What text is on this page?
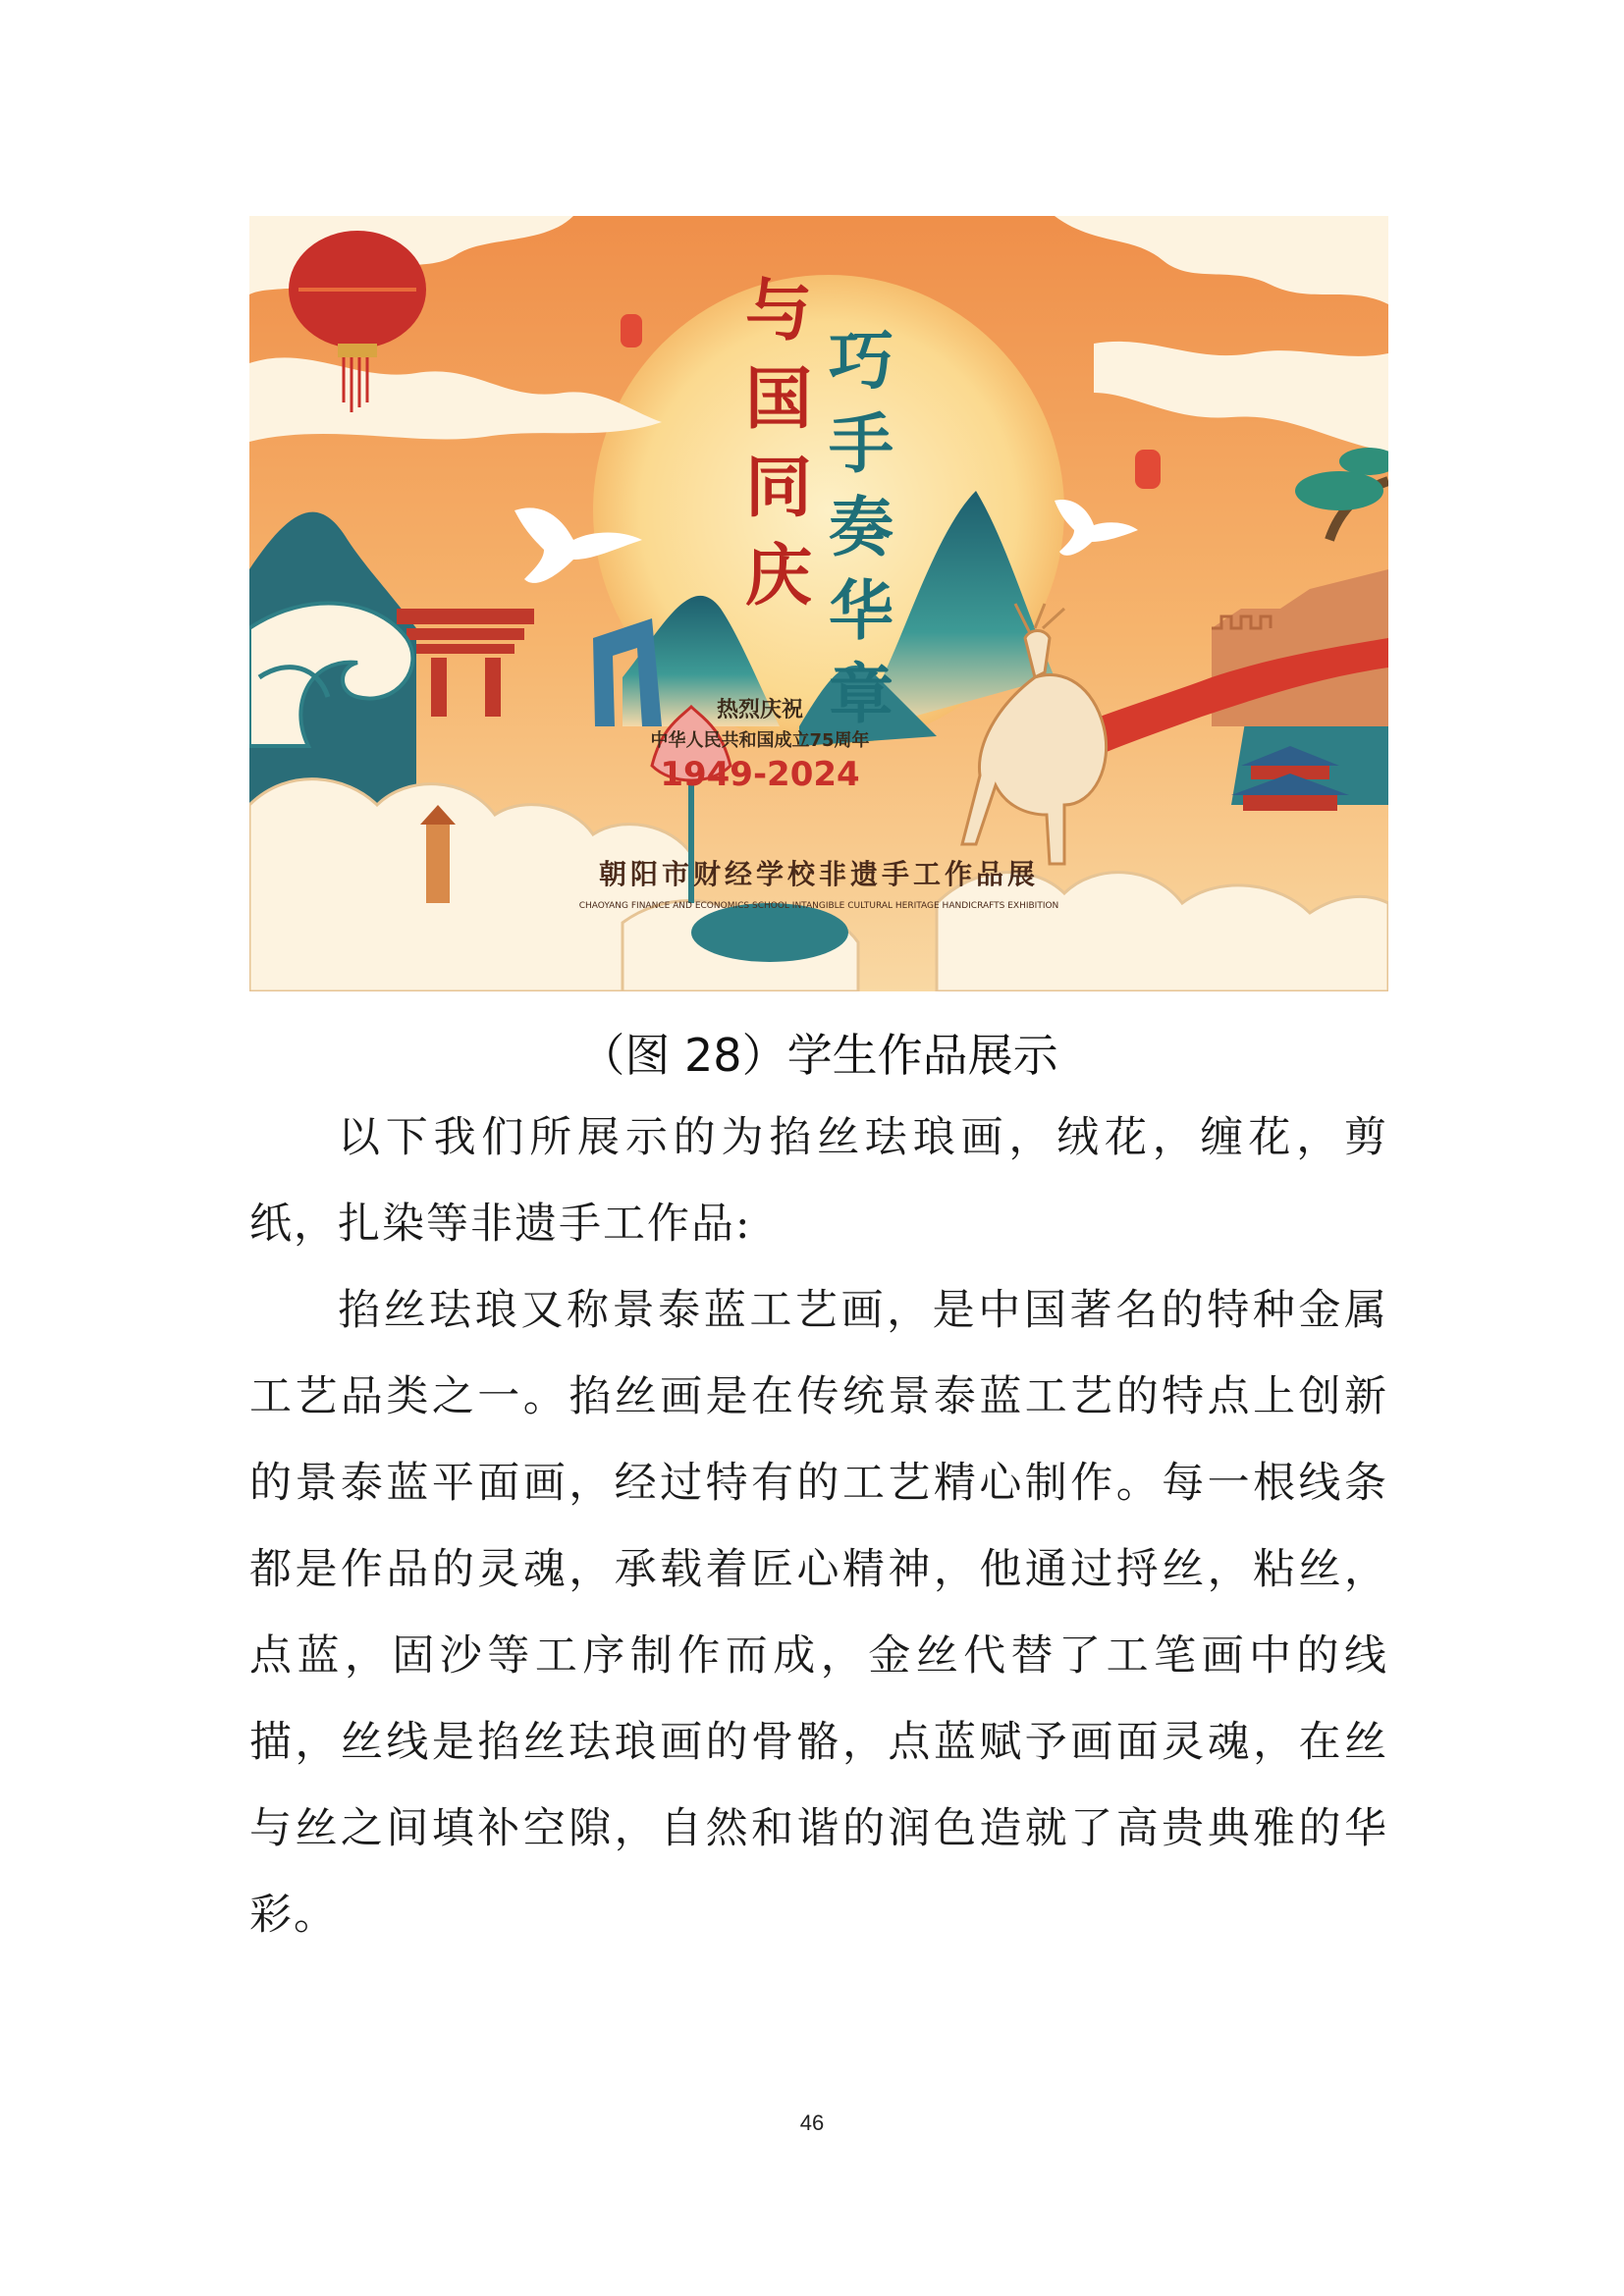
与
国
同
庆
巧
手
奏
华
章
热烈庆祝
中华人民共和国成立75周年
1949-2024
朝阳市财经学校非遗手工作品展
CHAOYANG FINANCE AND ECONOMICS SCHOOL INTANGIBLE CULTURAL HERITAGE HANDICRAFTS EXHIBITION
（图 28）学生作品展示

以下我们所展示的为掐丝珐琅画，绒花，缠花，剪纸，扎染等非遗手工作品:

掐丝珐琅又称景泰蓝工艺画，是中国著名的特种金属工艺品类之一。掐丝画是在传统景泰蓝工艺的特点上创新的景泰蓝平面画，经过特有的工艺精心制作。每一根线条都是作品的灵魂，承载着匠心精神，他通过捋丝，粘丝，点蓝，固沙等工序制作而成，金丝代替了工笔画中的线描，丝线是掐丝珐琅画的骨骼，点蓝赋予画面灵魂，在丝与丝之间填补空隙，自然和谐的润色造就了高贵典雅的华彩。

46
